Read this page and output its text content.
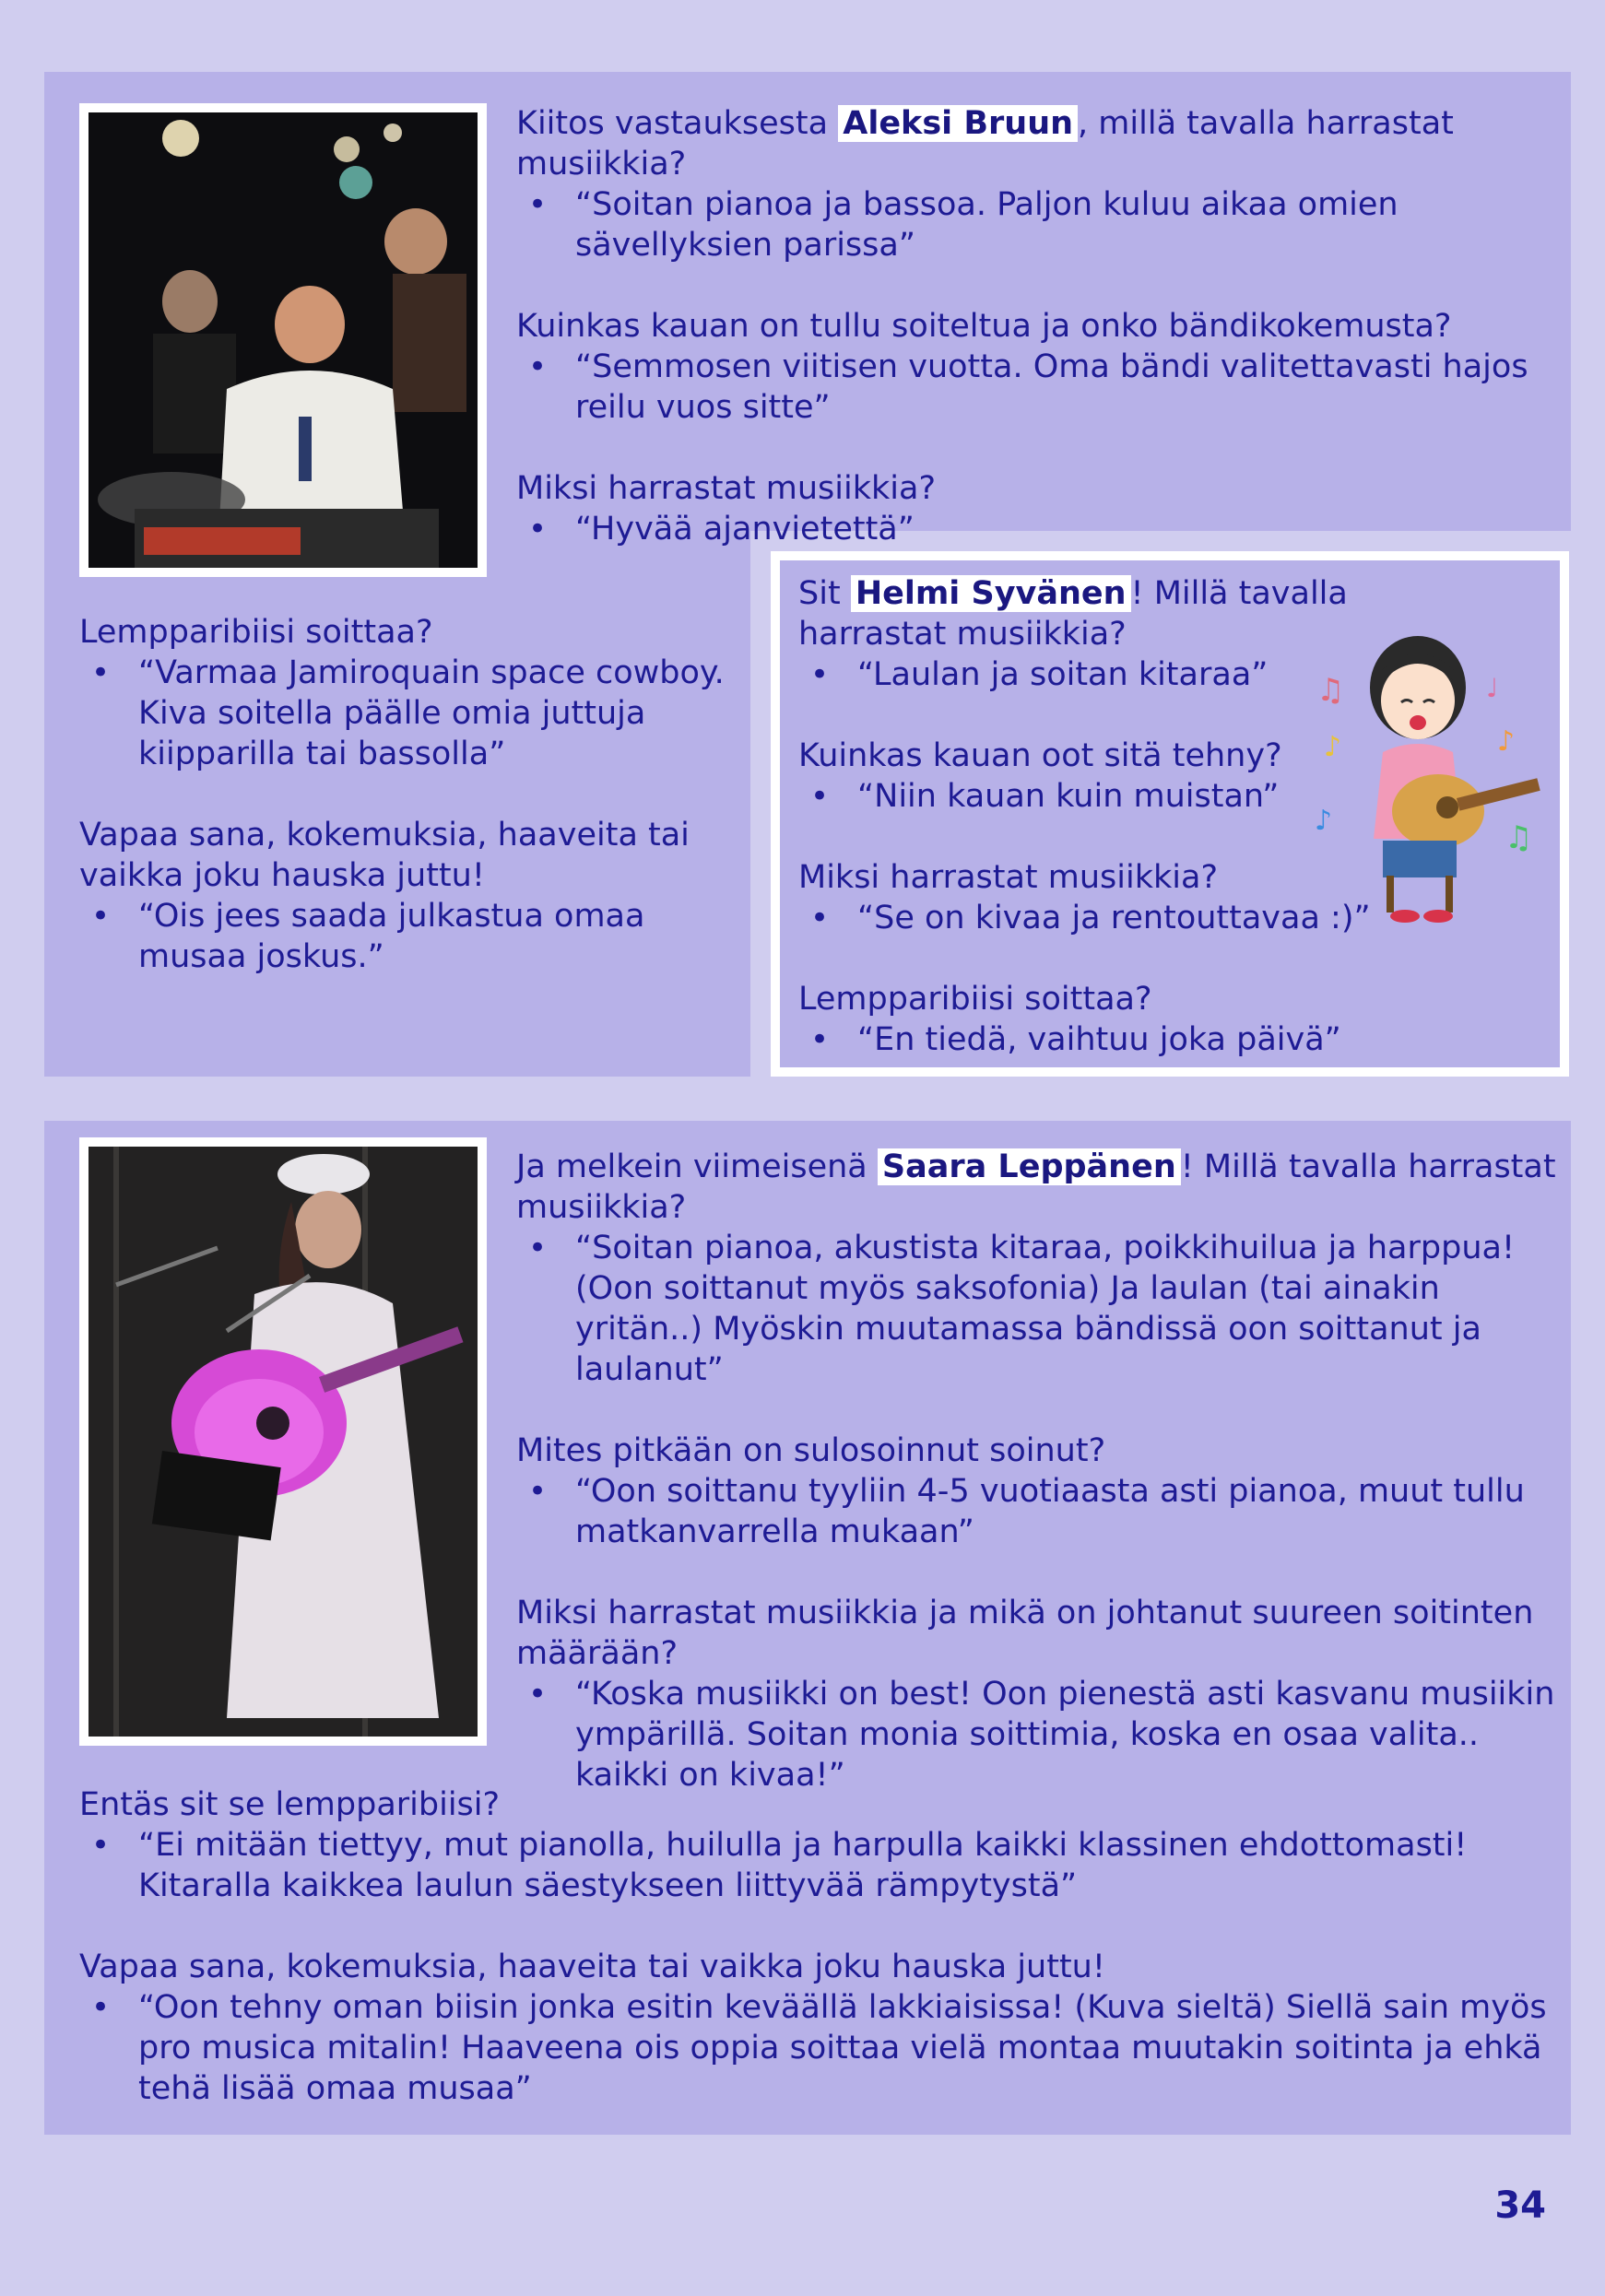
Kiitos vastauksesta Aleksi Bruun , millä tavalla harrastat musiikkia?

• “Soitan pianoa ja bassoa. Paljon kuluu aikaa omien sävellyksien parissa”

Kuinkas kauan on tullu soiteltua ja onko bändikokemusta?

• “Semmosen viitisen vuotta. Oma bändi valitettavasti hajos reilu vuos sitte”

Miksi harrastat musiikkia?

• “Hyvää ajanvietettä”

Lempparibiisi soittaa?

• “Varmaa Jamiroquain space cowboy. Kiva soitella päälle omia juttuja kiipparilla tai bassolla”

Vapaa sana, kokemuksia, haaveita tai vaikka joku hauska juttu!

• “Ois jees saada julkastua omaa musaa joskus.”

Sit Helmi Syvänen ! Millä tavalla harrastat musiikkia?

• “Laulan ja soitan kitaraa”

Kuinkas kauan oot sitä tehny?

• “Niin kauan kuin muistan”

Miksi harrastat musiikkia?

• “Se on kivaa ja rentouttavaa :)”

Lempparibiisi soittaa?

• “En tiedä, vaihtuu joka päivä”
♫
♪
♪
♩
♪
♫

Ja melkein viimeisenä Saara Leppänen ! Millä tavalla harrastat musiikkia?

• “Soitan pianoa, akustista kitaraa, poikkihuilua ja harppua! (Oon soittanut myös saksofonia) Ja laulan (tai ainakin yritän..) Myöskin muutamassa bändissä oon soittanut ja laulanut”

Mites pitkään on sulosoinnut soinut?

• “Oon soittanu tyyliin 4-5 vuotiaasta asti pianoa, muut tullu matkanvarrella mukaan”

Miksi harrastat musiikkia ja mikä on johtanut suureen soitinten määrään?

• “Koska musiikki on best! Oon pienestä asti kasvanu musiikin ympärillä. Soitan monia soittimia, koska en osaa valita.. kaikki on kivaa!”

Entäs sit se lempparibiisi?

• “Ei mitään tiettyy, mut pianolla, huilulla ja harpulla kaikki klassinen ehdottomasti! Kitaralla kaikkea laulun säestykseen liittyvää rämpytystä”

Vapaa sana, kokemuksia, haaveita tai vaikka joku hauska juttu!

• “Oon tehny oman biisin jonka esitin keväällä lakkiaisissa! (Kuva sieltä) Siellä sain myös pro musica mitalin! Haaveena ois oppia soittaa vielä montaa muutakin soitinta ja ehkä tehä lisää omaa musaa”
34
